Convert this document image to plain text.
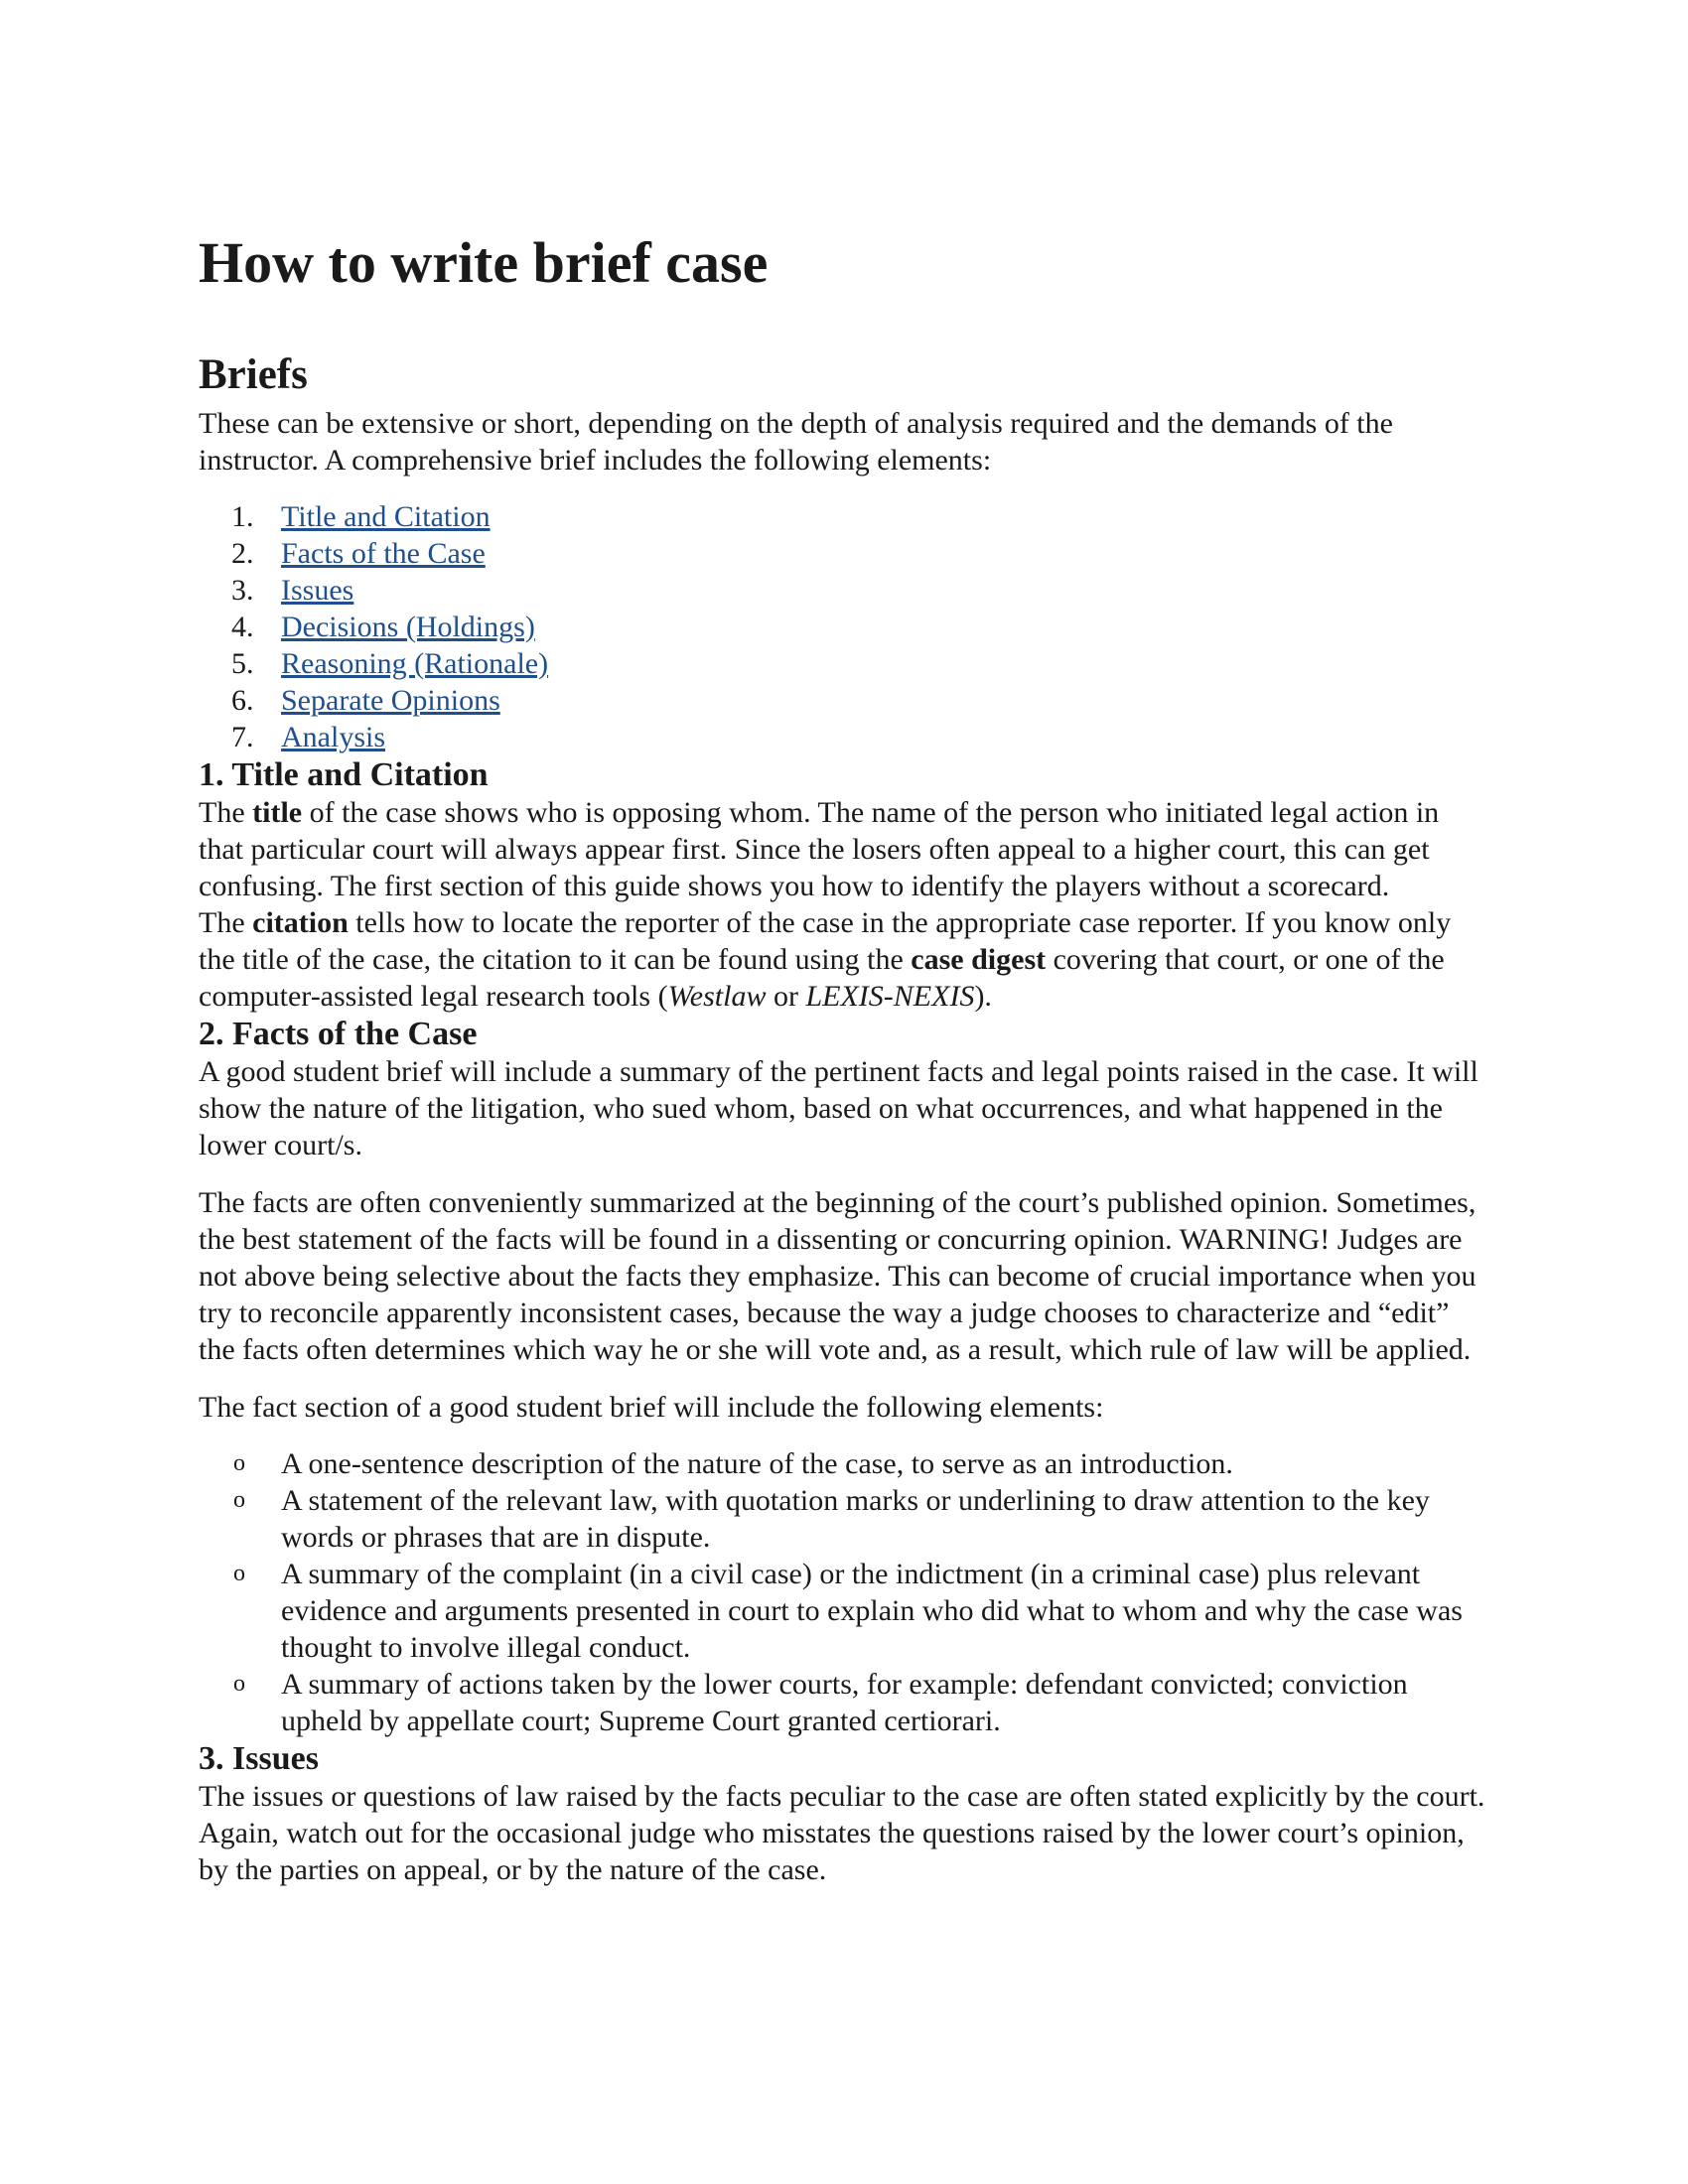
How to write brief case
Briefs

These can be extensive or short, depending on the depth of analysis required and the demands of the instructor. A comprehensive brief includes the following elements:

1. Title and Citation
2. Facts of the Case
3. Issues
4. Decisions (Holdings)
5. Reasoning (Rationale)
6. Separate Opinions
7. Analysis
1. Title and Citation

The title of the case shows who is opposing whom. The name of the person who initiated legal action in that particular court will always appear first. Since the losers often appeal to a higher court, this can get confusing. The first section of this guide shows you how to identify the players without a scorecard.

The citation tells how to locate the reporter of the case in the appropriate case reporter. If you know only the title of the case, the citation to it can be found using the case digest covering that court, or one of the computer-assisted legal research tools (Westlaw or LEXIS-NEXIS).

2. Facts of the Case

A good student brief will include a summary of the pertinent facts and legal points raised in the case. It will show the nature of the litigation, who sued whom, based on what occurrences, and what happened in the lower court/s.

The facts are often conveniently summarized at the beginning of the court’s published opinion. Sometimes, the best statement of the facts will be found in a dissenting or concurring opinion. WARNING! Judges are not above being selective about the facts they emphasize. This can become of crucial importance when you try to reconcile apparently inconsistent cases, because the way a judge chooses to characterize and “edit” the facts often determines which way he or she will vote and, as a result, which rule of law will be applied.

The fact section of a good student brief will include the following elements:

o	A one-sentence description of the nature of the case, to serve as an introduction.
o	A statement of the relevant law, with quotation marks or underlining to draw attention to the key words or phrases that are in dispute.
o	A summary of the complaint (in a civil case) or the indictment (in a criminal case) plus relevant evidence and arguments presented in court to explain who did what to whom and why the case was thought to involve illegal conduct.
o	A summary of actions taken by the lower courts, for example: defendant convicted; conviction upheld by appellate court; Supreme Court granted certiorari.
3. Issues

The issues or questions of law raised by the facts peculiar to the case are often stated explicitly by the court. Again, watch out for the occasional judge who misstates the questions raised by the lower court’s opinion, by the parties on appeal, or by the nature of the case.
